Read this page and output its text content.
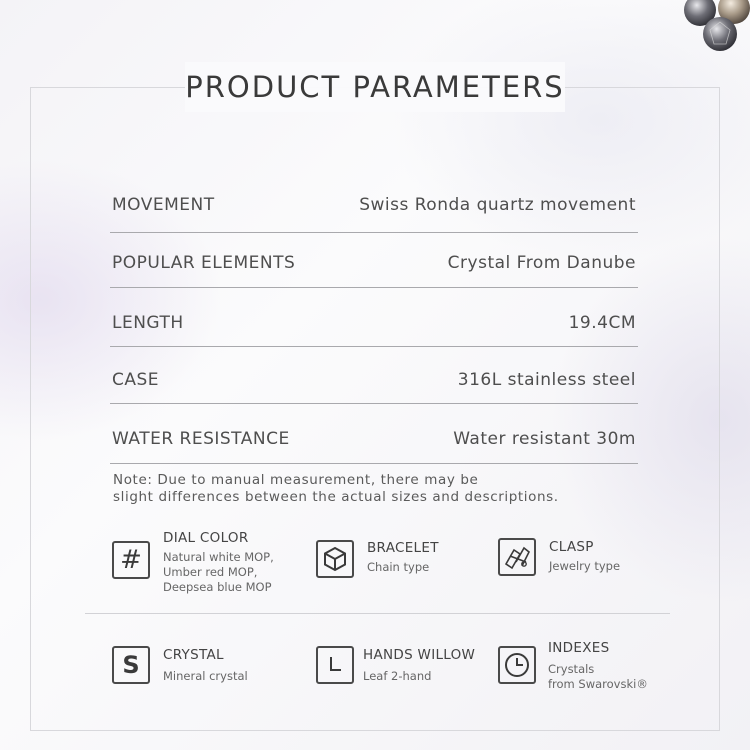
PRODUCT PARAMETERS
MOVEMENT	Swiss Ronda quartz movement
POPULAR ELEMENTS	Crystal From Danube
LENGTH	19.4CM
CASE	316L stainless steel
WATER RESISTANCE	Water resistant 30m
Note: Due to manual measurement, there may be
slight differences between the actual sizes and descriptions.
#
DIAL COLOR
Natural white MOP,
Umber red MOP,
Deepsea blue MOP
BRACELET
Chain type
CLASP
Jewelry type
S	CRYSTAL
Mineral crystal
HANDS WILLOW
Leaf 2-hand
INDEXES
Crystals
from Swarovski®
